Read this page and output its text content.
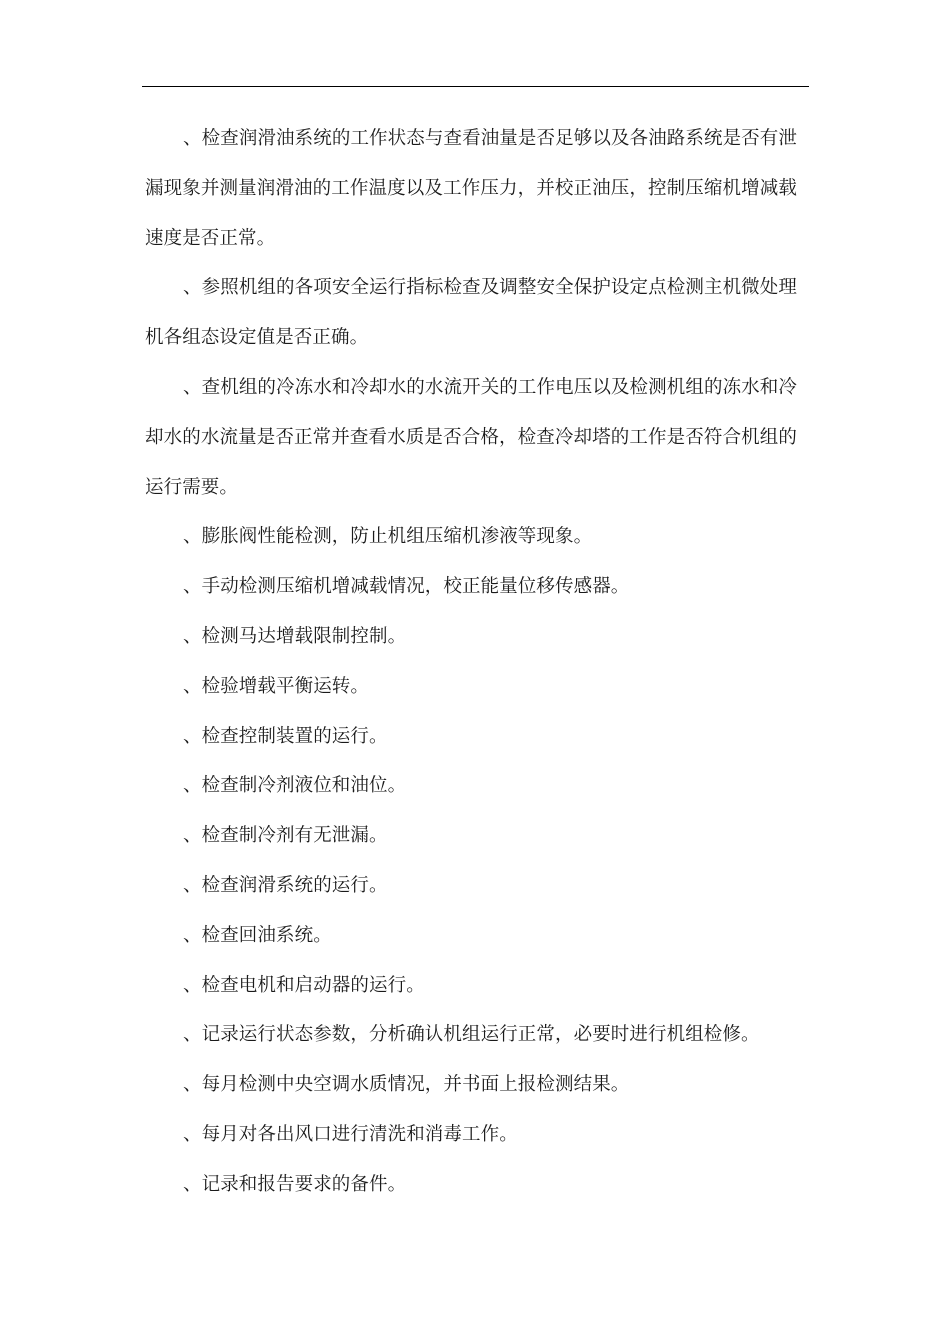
、检查润滑油系统的工作状态与查看油量是否足够以及各油路系统是否有泄漏现象并测量润滑油的工作温度以及工作压力，并校正油压，控制压缩机增减载速度是否正常。

、参照机组的各项安全运行指标检查及调整安全保护设定点检测主机微处理机各组态设定值是否正确。

、查机组的冷冻水和冷却水的水流开关的工作电压以及检测机组的冻水和冷却水的水流量是否正常并查看水质是否合格，检查冷却塔的工作是否符合机组的运行需要。

、膨胀阀性能检测，防止机组压缩机渗液等现象。

、手动检测压缩机增减载情况，校正能量位移传感器。

、检测马达增载限制控制。

、检验增载平衡运转。

、检查控制装置的运行。

、检查制冷剂液位和油位。

、检查制冷剂有无泄漏。

、检查润滑系统的运行。

、检查回油系统。

、检查电机和启动器的运行。

、记录运行状态参数，分析确认机组运行正常，必要时进行机组检修。

、每月检测中央空调水质情况，并书面上报检测结果。

、每月对各出风口进行清洗和消毒工作。

、记录和报告要求的备件。
